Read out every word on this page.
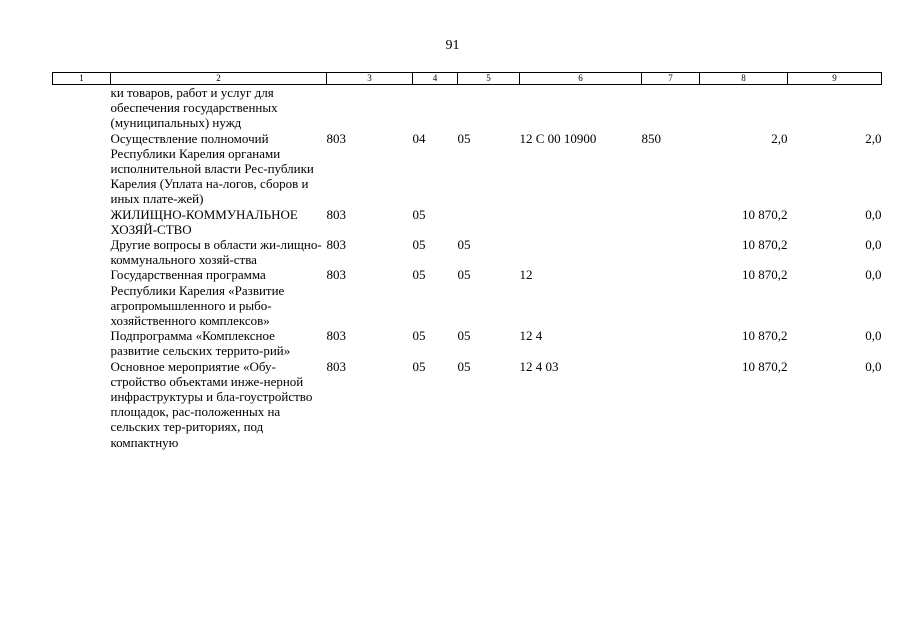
91
1	2	3	4	5	6	7	8	9
	ки товаров, работ и услуг для обеспечения государственных (муниципальных) нужд							
	Осуществление полномочий Республики Карелия органами исполнительной власти Рес-публики Карелия (Уплата на-логов, сборов и иных плате-жей)	803	04	05	12 С 00 10900	850	2,0	2,0
	ЖИЛИЩНО-КОММУНАЛЬНОЕ ХОЗЯЙ-СТВО	803	05				10 870,2	0,0
	Другие вопросы в области жи-лищно-коммунального хозяй-ства	803	05	05			10 870,2	0,0
	Государственная программа Республики Карелия «Развитие агропромышленного и рыбо-хозяйственного комплексов»	803	05	05	12		10 870,2	0,0
	Подпрограмма «Комплексное развитие сельских террито-рий»	803	05	05	12 4		10 870,2	0,0
	Основное мероприятие «Обу-стройство объектами инже-нерной инфраструктуры и бла-гоустройство площадок, рас-положенных на сельских тер-риториях, под компактную	803	05	05	12 4 03		10 870,2	0,0
